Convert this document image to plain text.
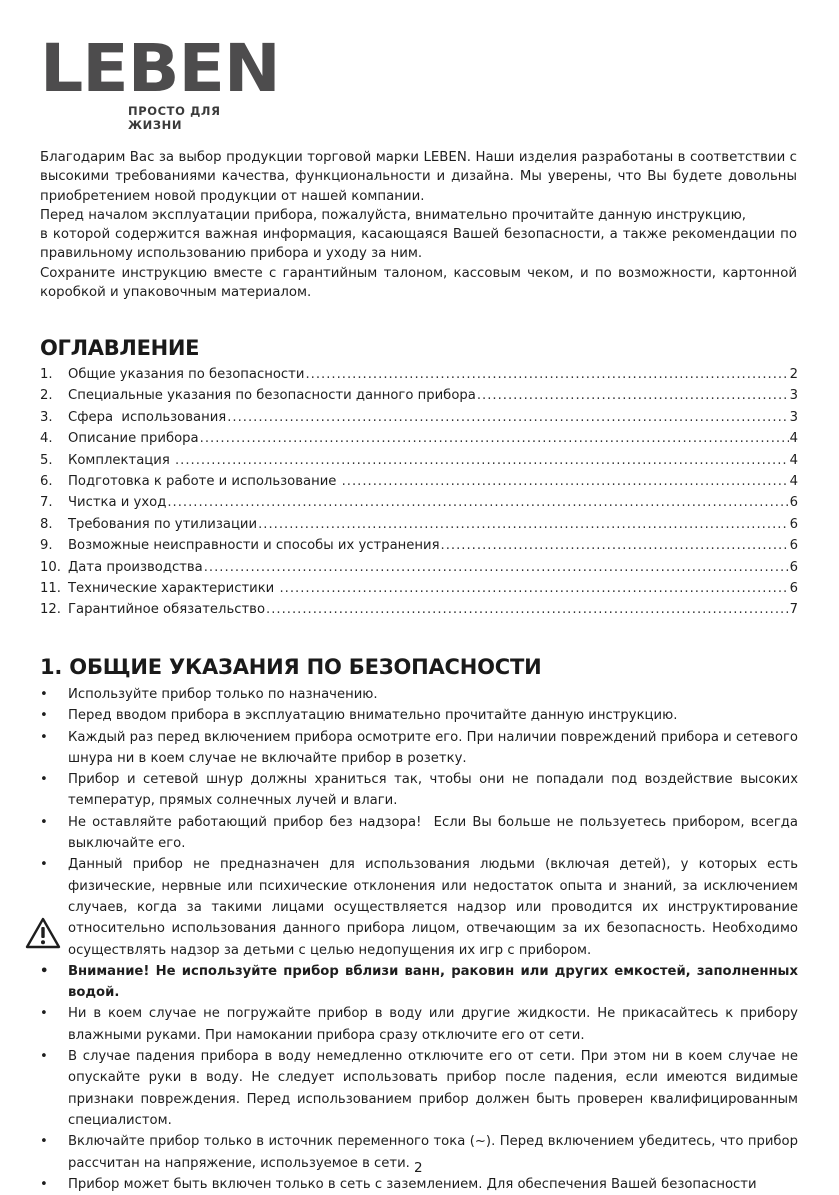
LEBEN
ПРОСТО ДЛЯ ЖИЗНИ

Благодарим Вас за выбор продукции торговой марки LEBEN. Наши изделия разработаны в соответствии с высокими требованиями качества, функциональности и дизайна. Мы уверены, что Вы будете довольны приобретением новой продукции от нашей компании.

Перед началом эксплуатации прибора, пожалуйста, внимательно прочитайте данную инструкцию,

в которой содержится важная информация, касающаяся Вашей безопасности, а также рекомендации по правильному использованию прибора и уходу за ним.

Сохраните инструкцию вместе с гарантийным талоном, кассовым чеком, и по возможности, картонной коробкой и упаковочным материалом.

ОГЛАВЛЕНИЕ
1.	Общие указания по безопасности .....	2
2.	Специальные указания по безопасности данного прибора .....	3
3.	Сфера  использования .....	3
4.	Описание прибора .....	4
5.	Комплектация .....	4
6.	Подготовка к работе и использование .....	4
7.	Чистка и уход .....	6
8.	Требования по утилизации .....	6
9.	Возможные неисправности и способы их устранения .....	6
10. Дата производства .....	6
11. Технические характеристики .....	6
12. Гарантийное обязательство .....	7
1. ОБЩИЕ УКАЗАНИЯ ПО БЕЗОПАСНОСТИ
• Используйте прибор только по назначению.
• Перед вводом прибора в эксплуатацию внимательно прочитайте данную инструкцию.
• Каждый раз перед включением прибора осмотрите его. При наличии повреждений прибора и сетевого шнура ни в коем случае не включайте прибор в розетку.
• Прибор и сетевой шнур должны храниться так, чтобы они не попадали под воздействие высоких температур, прямых солнечных лучей и влаги.
• Не оставляйте работающий прибор без надзора!  Если Вы больше не пользуетесь прибором, всегда выключайте его.
• Данный прибор не предназначен для использования людьми (включая детей), у которых есть физические, нервные или психические отклонения или недостаток опыта и знаний, за исключением случаев, когда за такими лицами осуществляется надзор или проводится их инструктирование относительно использования данного прибора лицом, отвечающим за их безопасность. Необходимо осуществлять надзор за детьми с целью недопущения их игр с прибором.
• Внимание! Не используйте прибор вблизи ванн, раковин или других емкостей, заполненных водой.
• Ни в коем случае не погружайте прибор в воду или другие жидкости. Не прикасайтесь к прибору влажными руками. При намокании прибора сразу отключите его от сети.
• В случае падения прибора в воду немедленно отключите его от сети. При этом ни в коем случае не опускайте руки в воду. Не следует использовать прибор после падения, если имеются видимые признаки повреждения. Перед использованием прибор должен быть проверен квалифицированным специалистом.
• Включайте прибор только в источник переменного тока (~). Перед включением убедитесь, что прибор рассчитан на напряжение, используемое в сети.
• Прибор может быть включен только в сеть с заземлением. Для обеспечения Вашей безопасности
2
